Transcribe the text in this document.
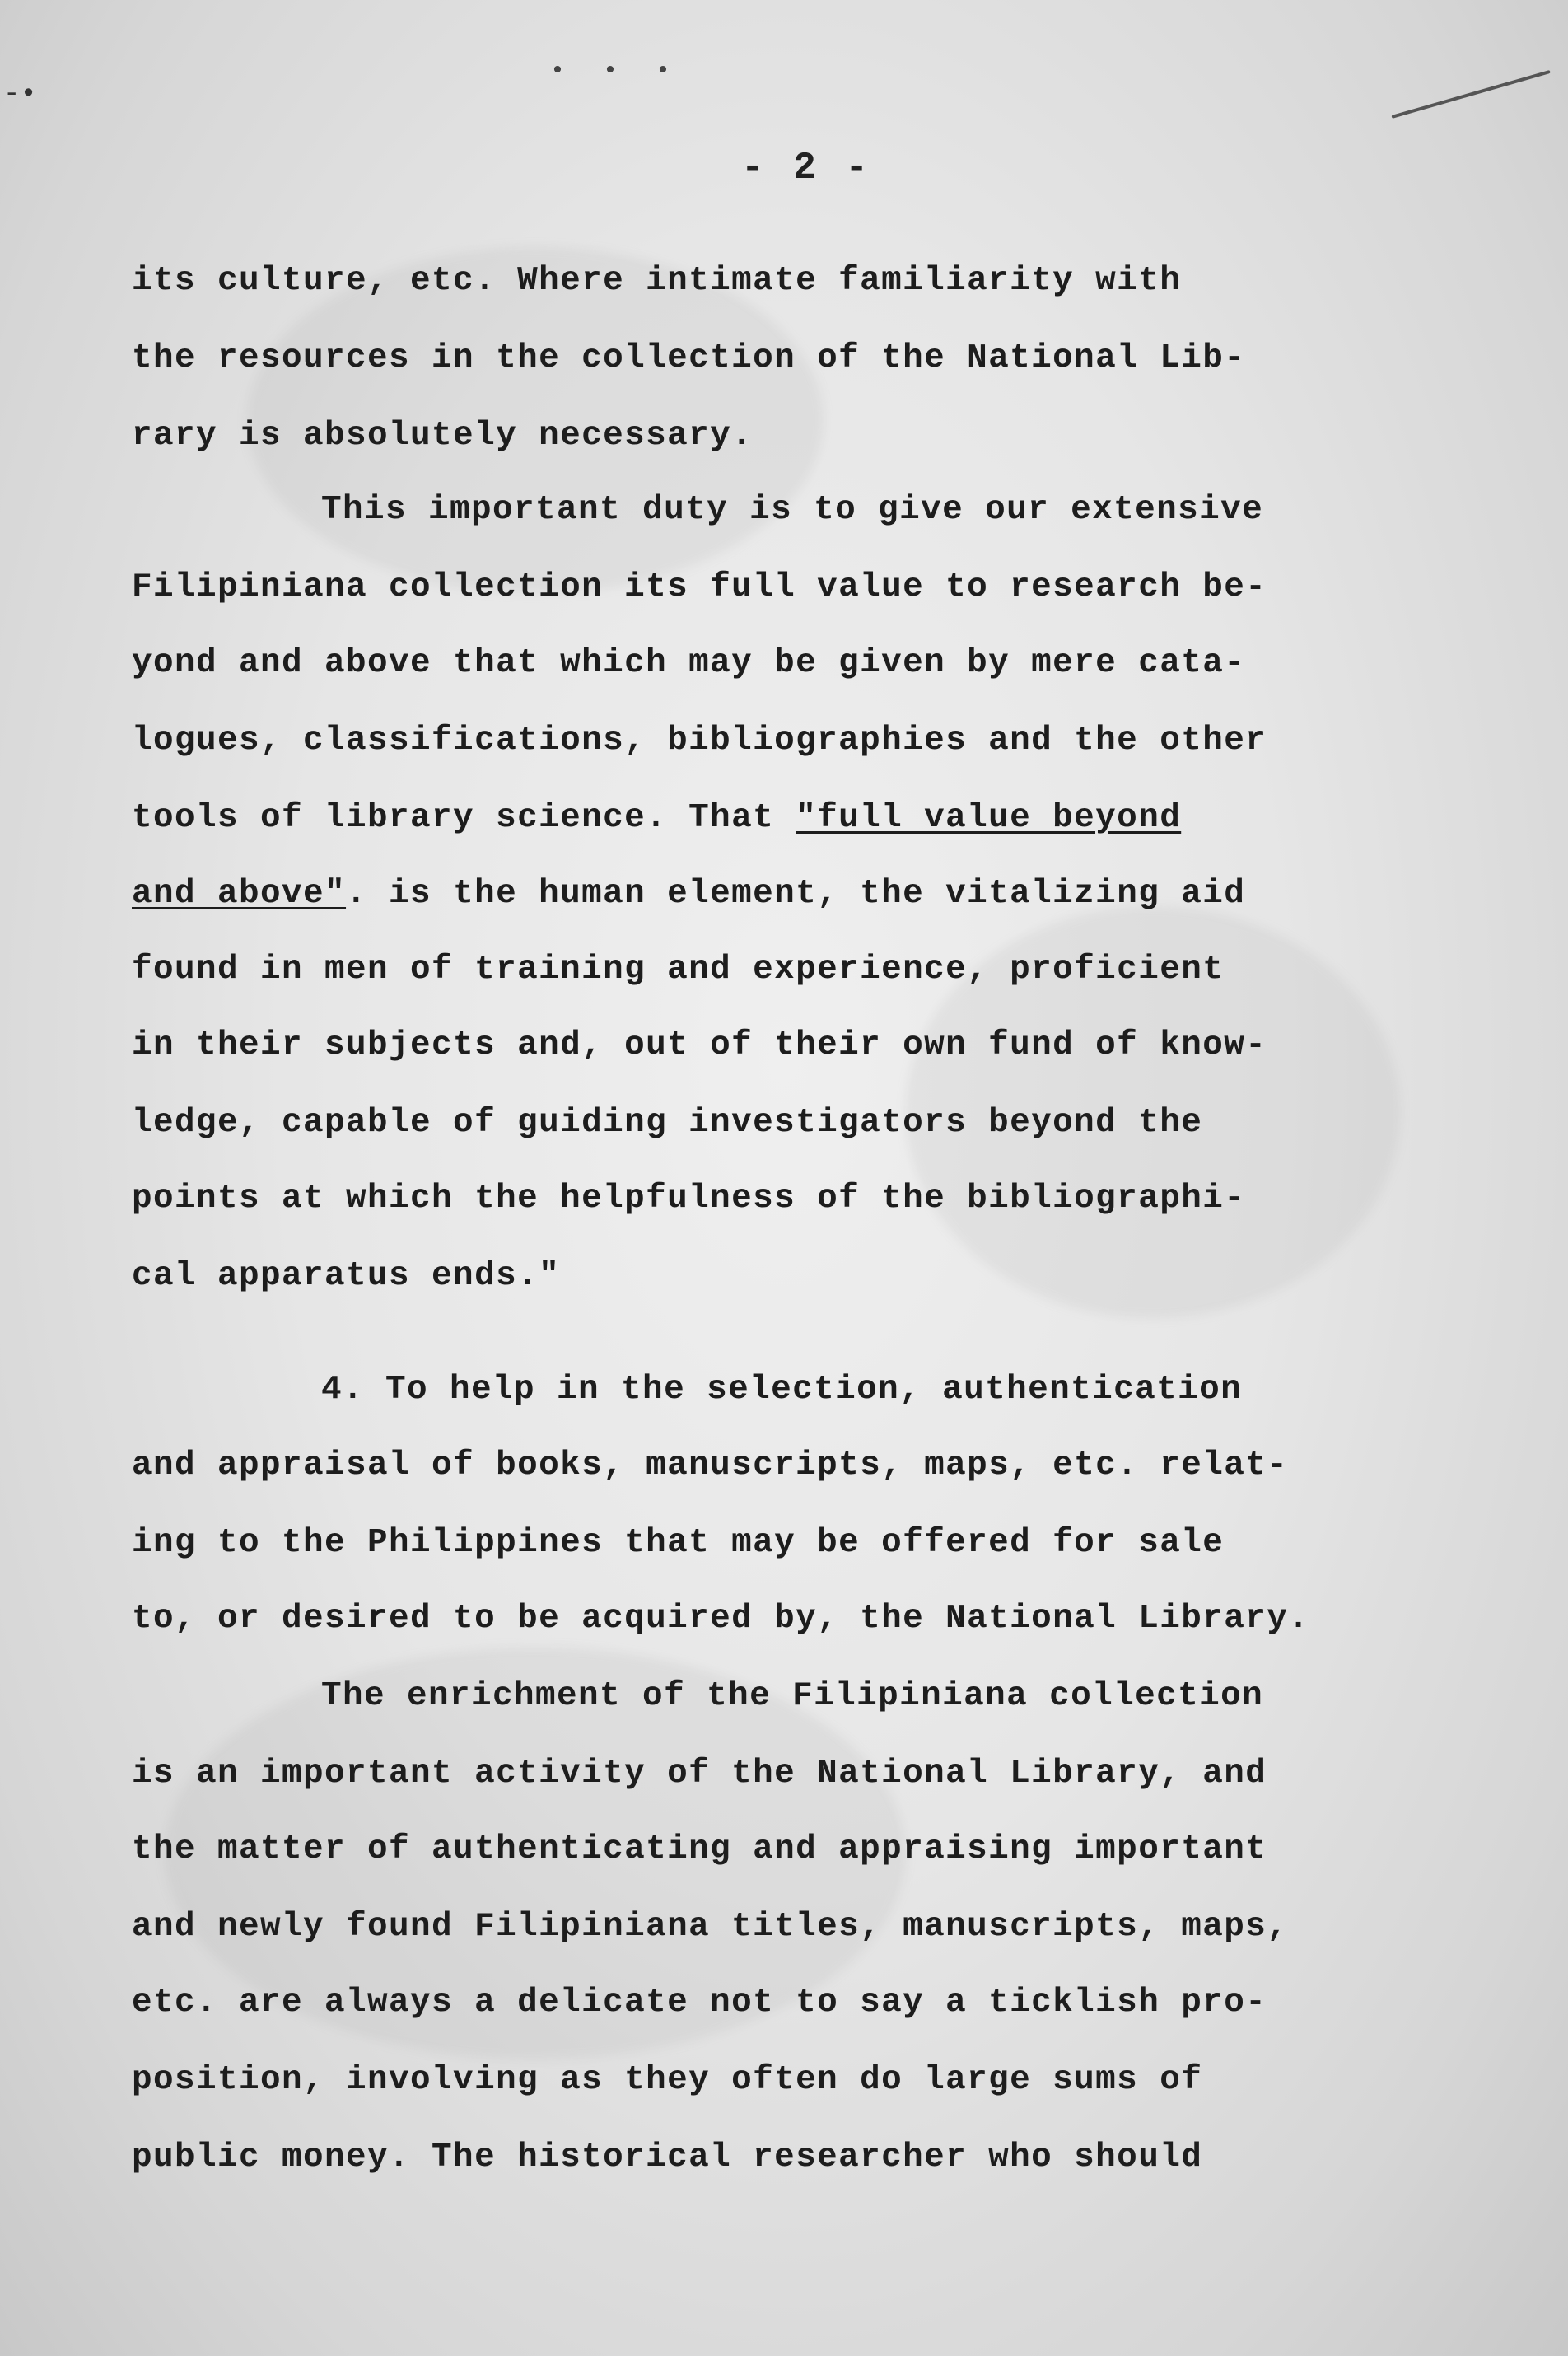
-•
• • •
- 2 -
its culture, etc. Where intimate familiarity with
the resources in the collection of the National Lib-
rary is absolutely necessary.
This important duty is to give our extensive
Filipiniana collection its full value to research be-
yond and above that which may be given by mere cata-
logues, classifications, bibliographies and the other
tools of library science. That "full value beyond
and above". is the human element, the vitalizing aid
found in men of training and experience, proficient
in their subjects and, out of their own fund of know-
ledge, capable of guiding investigators beyond the
points at which the helpfulness of the bibliographi-
cal apparatus ends."
4. To help in the selection, authentication
and appraisal of books, manuscripts, maps, etc. relat-
ing to the Philippines that may be offered for sale
to, or desired to be acquired by, the National Library.
The enrichment of the Filipiniana collection
is an important activity of the National Library, and
the matter of authenticating and appraising important
and newly found Filipiniana titles, manuscripts, maps,
etc. are always a delicate not to say a ticklish pro-
position, involving as they often do large sums of
public money. The historical researcher who should
